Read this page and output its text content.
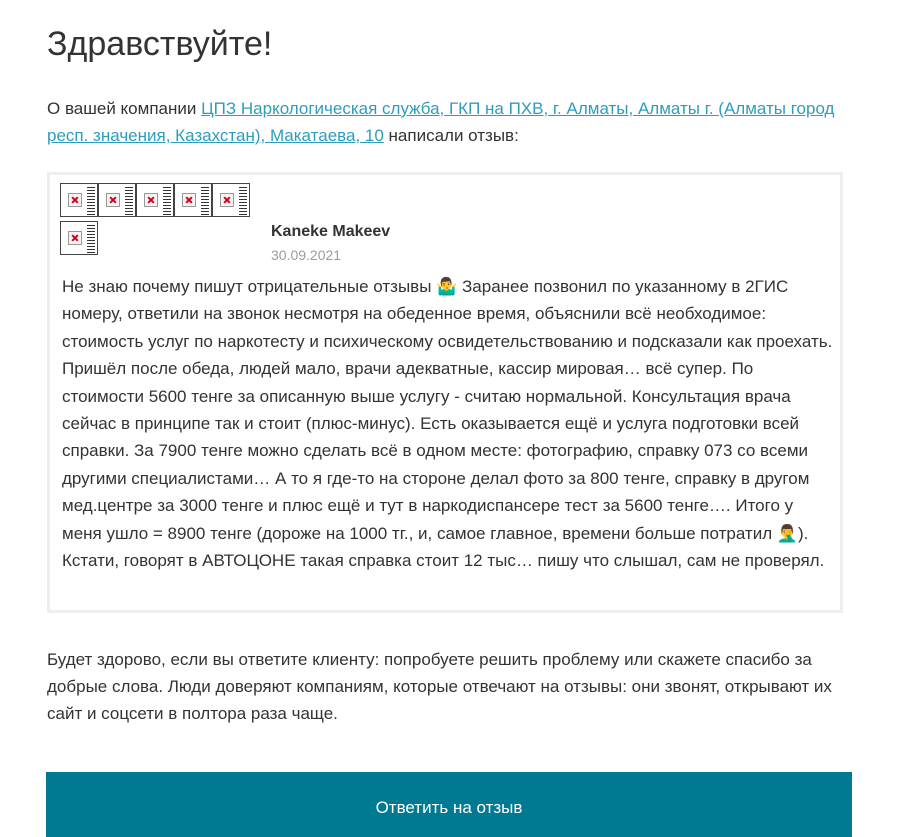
Здравствуйте!

О вашей компании ЦПЗ Наркологическая служба, ГКП на ПХВ, г. Алматы, Алматы г. (Алматы город респ. значения, Казахстан), Макатаева, 10 написали отзыв:

Kaneke Makeev

30.09.2021

Не знаю почему пишут отрицательные отзывы 🤷‍♂️ Заранее позвонил по указанному в 2ГИС номеру, ответили на звонок несмотря на обеденное время, объяснили всё необходимое: стоимость услуг по наркотесту и психическому освидетельствованию и подсказали как проехать. Пришёл после обеда, людей мало, врачи адекватные, кассир мировая… всё супер. По стоимости 5600 тенге за описанную выше услугу - считаю нормальной. Консультация врача сейчас в принципе так и стоит (плюс-минус). Есть оказывается ещё и услуга подготовки всей справки. За 7900 тенге можно сделать всё в одном месте: фотографию, справку 073 со всеми другими специалистами… А то я где-то на стороне делал фото за 800 тенге, справку в другом мед.центре за 3000 тенге и плюс ещё и тут в наркодиспансере тест за 5600 тенге…. Итого у меня ушло = 8900 тенге (дороже на 1000 тг., и, самое главное, времени больше потратил 🤦‍♂️). Кстати, говорят в АВТОЦОНЕ такая справка стоит 12 тыс… пишу что слышал, сам не проверял.

Будет здорово, если вы ответите клиенту: попробуете решить проблему или скажете спасибо за добрые слова. Люди доверяют компаниям, которые отвечают на отзывы: они звонят, открывают их сайт и соцсети в полтора раза чаще.

Ответить на отзыв
